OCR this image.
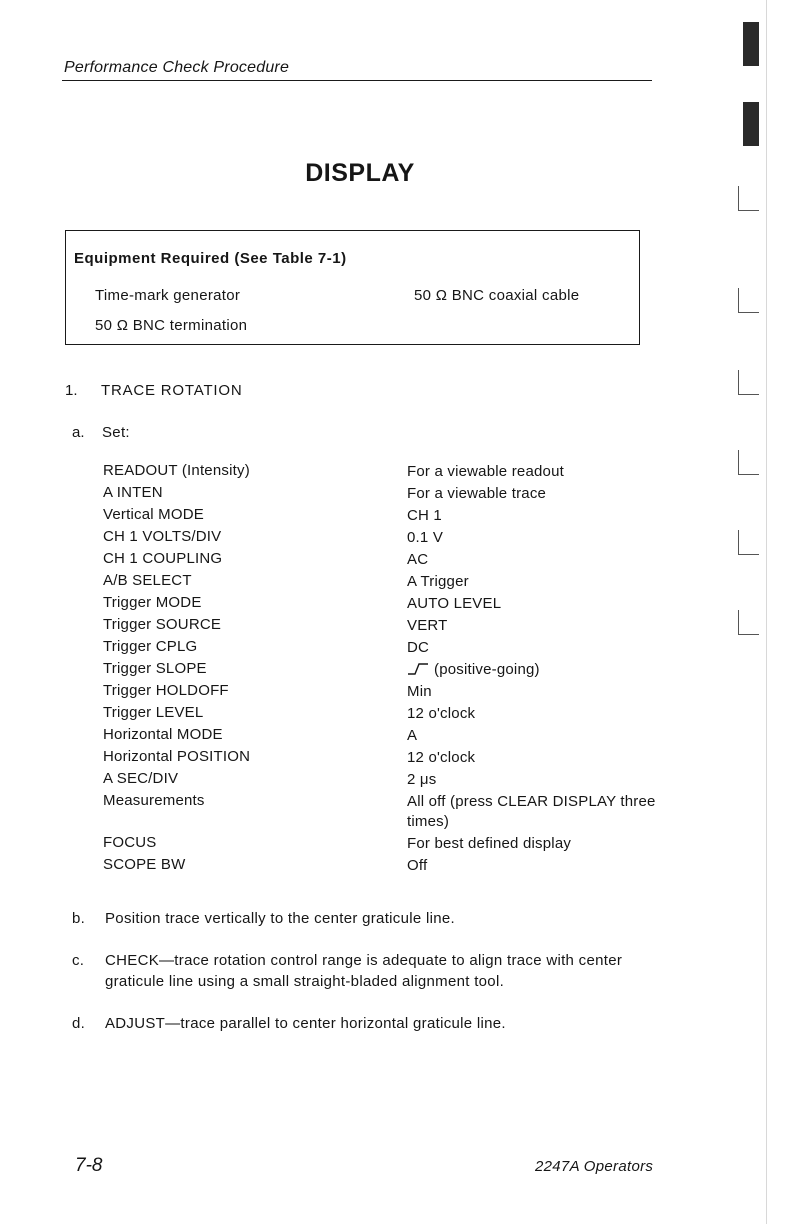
Performance Check Procedure
DISPLAY
Equipment Required (See Table 7-1)
Time-mark generator	50 Ω BNC coaxial cable
50 Ω BNC termination
1. TRACE ROTATION
a. Set:
READOUT (Intensity)	For a viewable readout
A INTEN	For a viewable trace
Vertical MODE	CH 1
CH 1 VOLTS/DIV	0.1 V
CH 1 COUPLING	AC
A/B SELECT	A Trigger
Trigger MODE	AUTO LEVEL
Trigger SOURCE	VERT
Trigger CPLG	DC
Trigger SLOPE	(positive-going)
Trigger HOLDOFF	Min
Trigger LEVEL	12 o'clock
Horizontal MODE	A
Horizontal POSITION	12 o'clock
A SEC/DIV	2 μs
Measurements	All off (press CLEAR DISPLAY three times)
FOCUS	For best defined display
SCOPE BW	Off
b. Position trace vertically to the center graticule line.
c. CHECK—trace rotation control range is adequate to align trace with center graticule line using a small straight-bladed alignment tool.
d. ADJUST—trace parallel to center horizontal graticule line.
7-8	2247A Operators
